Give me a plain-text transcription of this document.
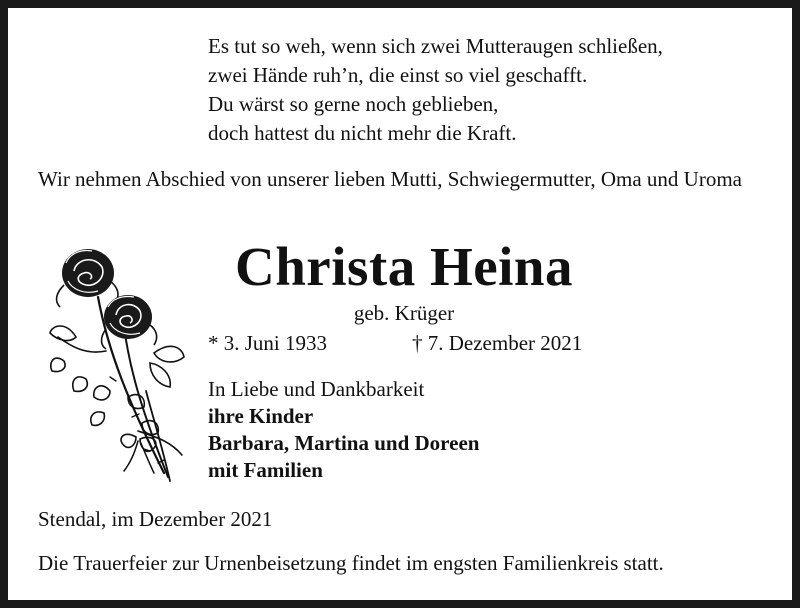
Es tut so weh, wenn sich zwei Mutteraugen schließen,
zwei Hände ruh’n, die einst so viel geschafft.
Du wärst so gerne noch geblieben,
doch hattest du nicht mehr die Kraft.
Wir nehmen Abschied von unserer lieben Mutti, Schwiegermutter, Oma und Uroma
Christa Heina
geb. Krüger
* 3. Juni 1933	† 7. Dezember 2021
In Liebe und Dankbarkeit
ihre Kinder
Barbara, Martina und Doreen
mit Familien
Stendal, im Dezember 2021
Die Trauerfeier zur Urnenbeisetzung findet im engsten Familienkreis statt.
